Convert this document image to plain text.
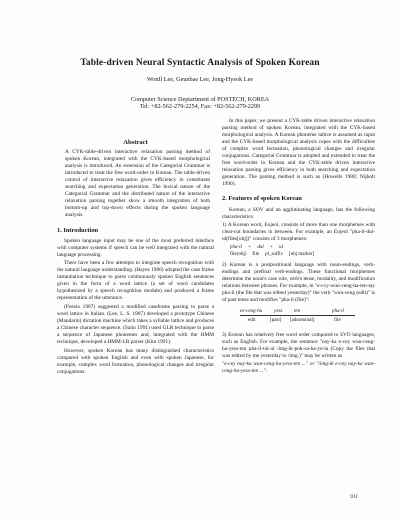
Table-driven Neural Syntactic Analysis of Spoken Korean
WonIl Lee, Geunbae Lee, Jong-Hyeok Lee
Computer Science Deptartment of POSTECH, KOREA
Tel: +82-562-279-2254, Fax: +82-562-279-2299
Abstract

A CYK-table-driven interactive relaxation parsing method of spoken Korean, integrated with the CYK-based morphological analysis is introduced. An extension of the Categorial Grammar is introduced to treat the free word-order in Korean. The table-driven control of interactive relaxation gives efficiency in constituent searching and expectation generation. The lexical nature of the Categorial Grammar and the distributed nature of the interactive relaxation parsing together show a smooth integration of both bottom-up and top-down effects during the spoken language analysis.

1. Introduction

Spoken language input may be one of the most preferred interface with computer systems if speech can be well integrated with the natural language processing.

There have been a few attempts to integrate speech recognition with the natural language understanding. (Hayes 1986) adopted the case frame instantiation technique to parse continuously spoken English sentences given in the form of a word lattice (a set of word candidates hypothesized by a speech recognition module) and produced a frame representation of the utterance.

(Poesio 1987) suggested a modified caseframe parsing to parse a word lattice in Italian. (Lee, L. S. 1987) developed a prototype Chinese (Mandarin) dictation machine which takes a syllable lattice and produces a Chinese character sequence. (Saito 1991) used GLR technique to parse a sequence of Japanese phonemes and, integrated with the HMM technique, developed a HMM-LR parser (Kita 1991).

However, spoken Korean has many distinguished characteristics compared with spoken English and even with spoken Japanese, for example, complex word formation, phonological changes and irregular conjugations.

In this paper, we present a CYK-table driven interactive relaxation parsing method of spoken Korean, integrated with the CYK-based morphological analysis. A Korean phoneme lattice is assumed as input and the CYK-based morphological analysis copes with the difficulties of complex word formation, phonological changes and irregular conjugations. Categorial Grammar is adopted and extended to treat the free word-order in Korean and the CYK-table driven interactive relaxation parsing gives efficiency in both searching and expectation generation. The parsing method is such as (Howells 1988; Nijholt 1990).

2. Features of spoken Korean

Korean, a SOV and an agglutinating language, has the following characteristics:

1) A Korean word, Eojeol, consists of more than one morphemes with clear-cut boundaries in between. For example, an Eojeol "pha-il-dul-ul(files[obj])" consists of 3 morphemes:

pha-il + dul + ul
file(obj) file pl_suffix [obj marker]

2) Korean is a postpositional language with noun-endings, verb-endings and prefinal verb-endings. These functional morphemes determine the noun's case role, verb's tense, modality, and modification relations between phrases. For example, in "e-ccy-wun-ceng-ha-ten-tay pha-il (the file that was edited yesterday)" the verb "wun-ceng (edit)" is of past tense and modifies "pha-il (file)":

ee-ceng-ha yess ten	pha-il
edit	[past] [adnominal]	file

3) Korean has relatively free word order compared to SVO languages, such as English. For example, the sentence "nay-ka e-cey wun-ceng-ha-yess-ten pha-il-tul-ul /img-ik-pok-sa-ha-ye-la (Copy the files that was edited by me yesterday to /img.)" may be written as

"e-cey nay-ka wun-ceng-ha-yess-ten ..." or "/img-ik e-cey nay-ka wun-ceng-ha-yess-ten ...".

911
